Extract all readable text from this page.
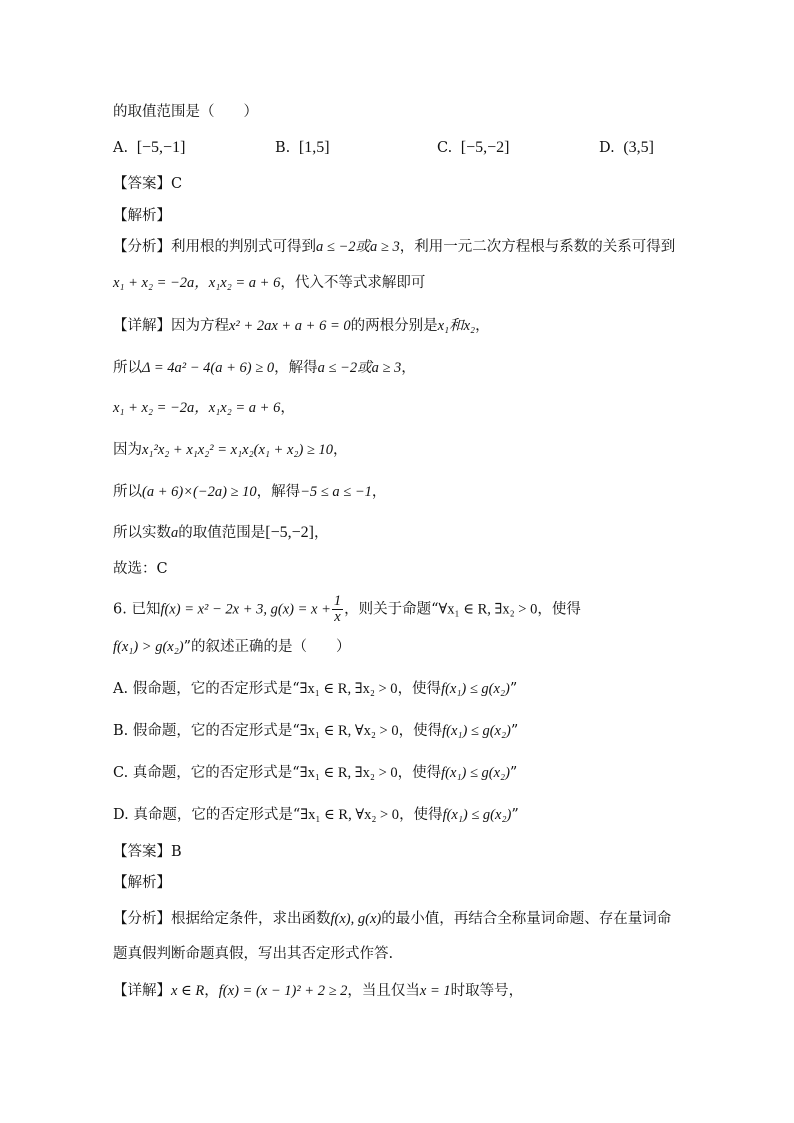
的取值范围是（　　）
A. [−5,−1]	B. [1,5]	C. [−5,−2]	D. (3,5]
【答案】C
【解析】
【分析】利用根的判别式可得到a ≤ −2或a ≥ 3，利用一元二次方程根与系数的关系可得到
x₁ + x₂ = −2a，x₁x₂ = a + 6，代入不等式求解即可
【详解】因为方程x² + 2ax + a + 6 = 0的两根分别是x₁和x₂，
所以Δ = 4a² − 4(a + 6) ≥ 0，解得a ≤ −2或a ≥ 3，
x₁ + x₂ = −2a，x₁x₂ = a + 6，
因为x₁²x₂ + x₁x₂² = x₁x₂(x₁ + x₂) ≥ 10，
所以(a + 6)×(−2a) ≥ 10，解得−5 ≤ a ≤ −1，
所以实数a的取值范围是[−5,−2]，
故选：C
6. 已知f(x) = x² − 2x + 3, $g(x) = x + \frac{1}{x}$ ，则关于命题“∀x₁ ∈ R, ∃x₂ > 0，使得
f(x₁) > g(x₂)”的叙述正确的是（　　）
A. 假命题，它的否定形式是“∃x₁ ∈ R, ∃x₂ > 0，使得f(x₁) ≤ g(x₂)”
B. 假命题，它的否定形式是“∃x₁ ∈ R, ∀x₂ > 0，使得f(x₁) ≤ g(x₂)”
C. 真命题，它的否定形式是“∃x₁ ∈ R, ∃x₂ > 0，使得f(x₁) ≤ g(x₂)”
D. 真命题，它的否定形式是“∃x₁ ∈ R, ∀x₂ > 0，使得f(x₁) ≤ g(x₂)”
【答案】B
【解析】
【分析】根据给定条件，求出函数f(x), g(x)的最小值，再结合全称量词命题、存在量词命
题真假判断命题真假，写出其否定形式作答.
【详解】x ∈ R，f(x) = (x − 1)² + 2 ≥ 2，当且仅当x = 1时取等号，
